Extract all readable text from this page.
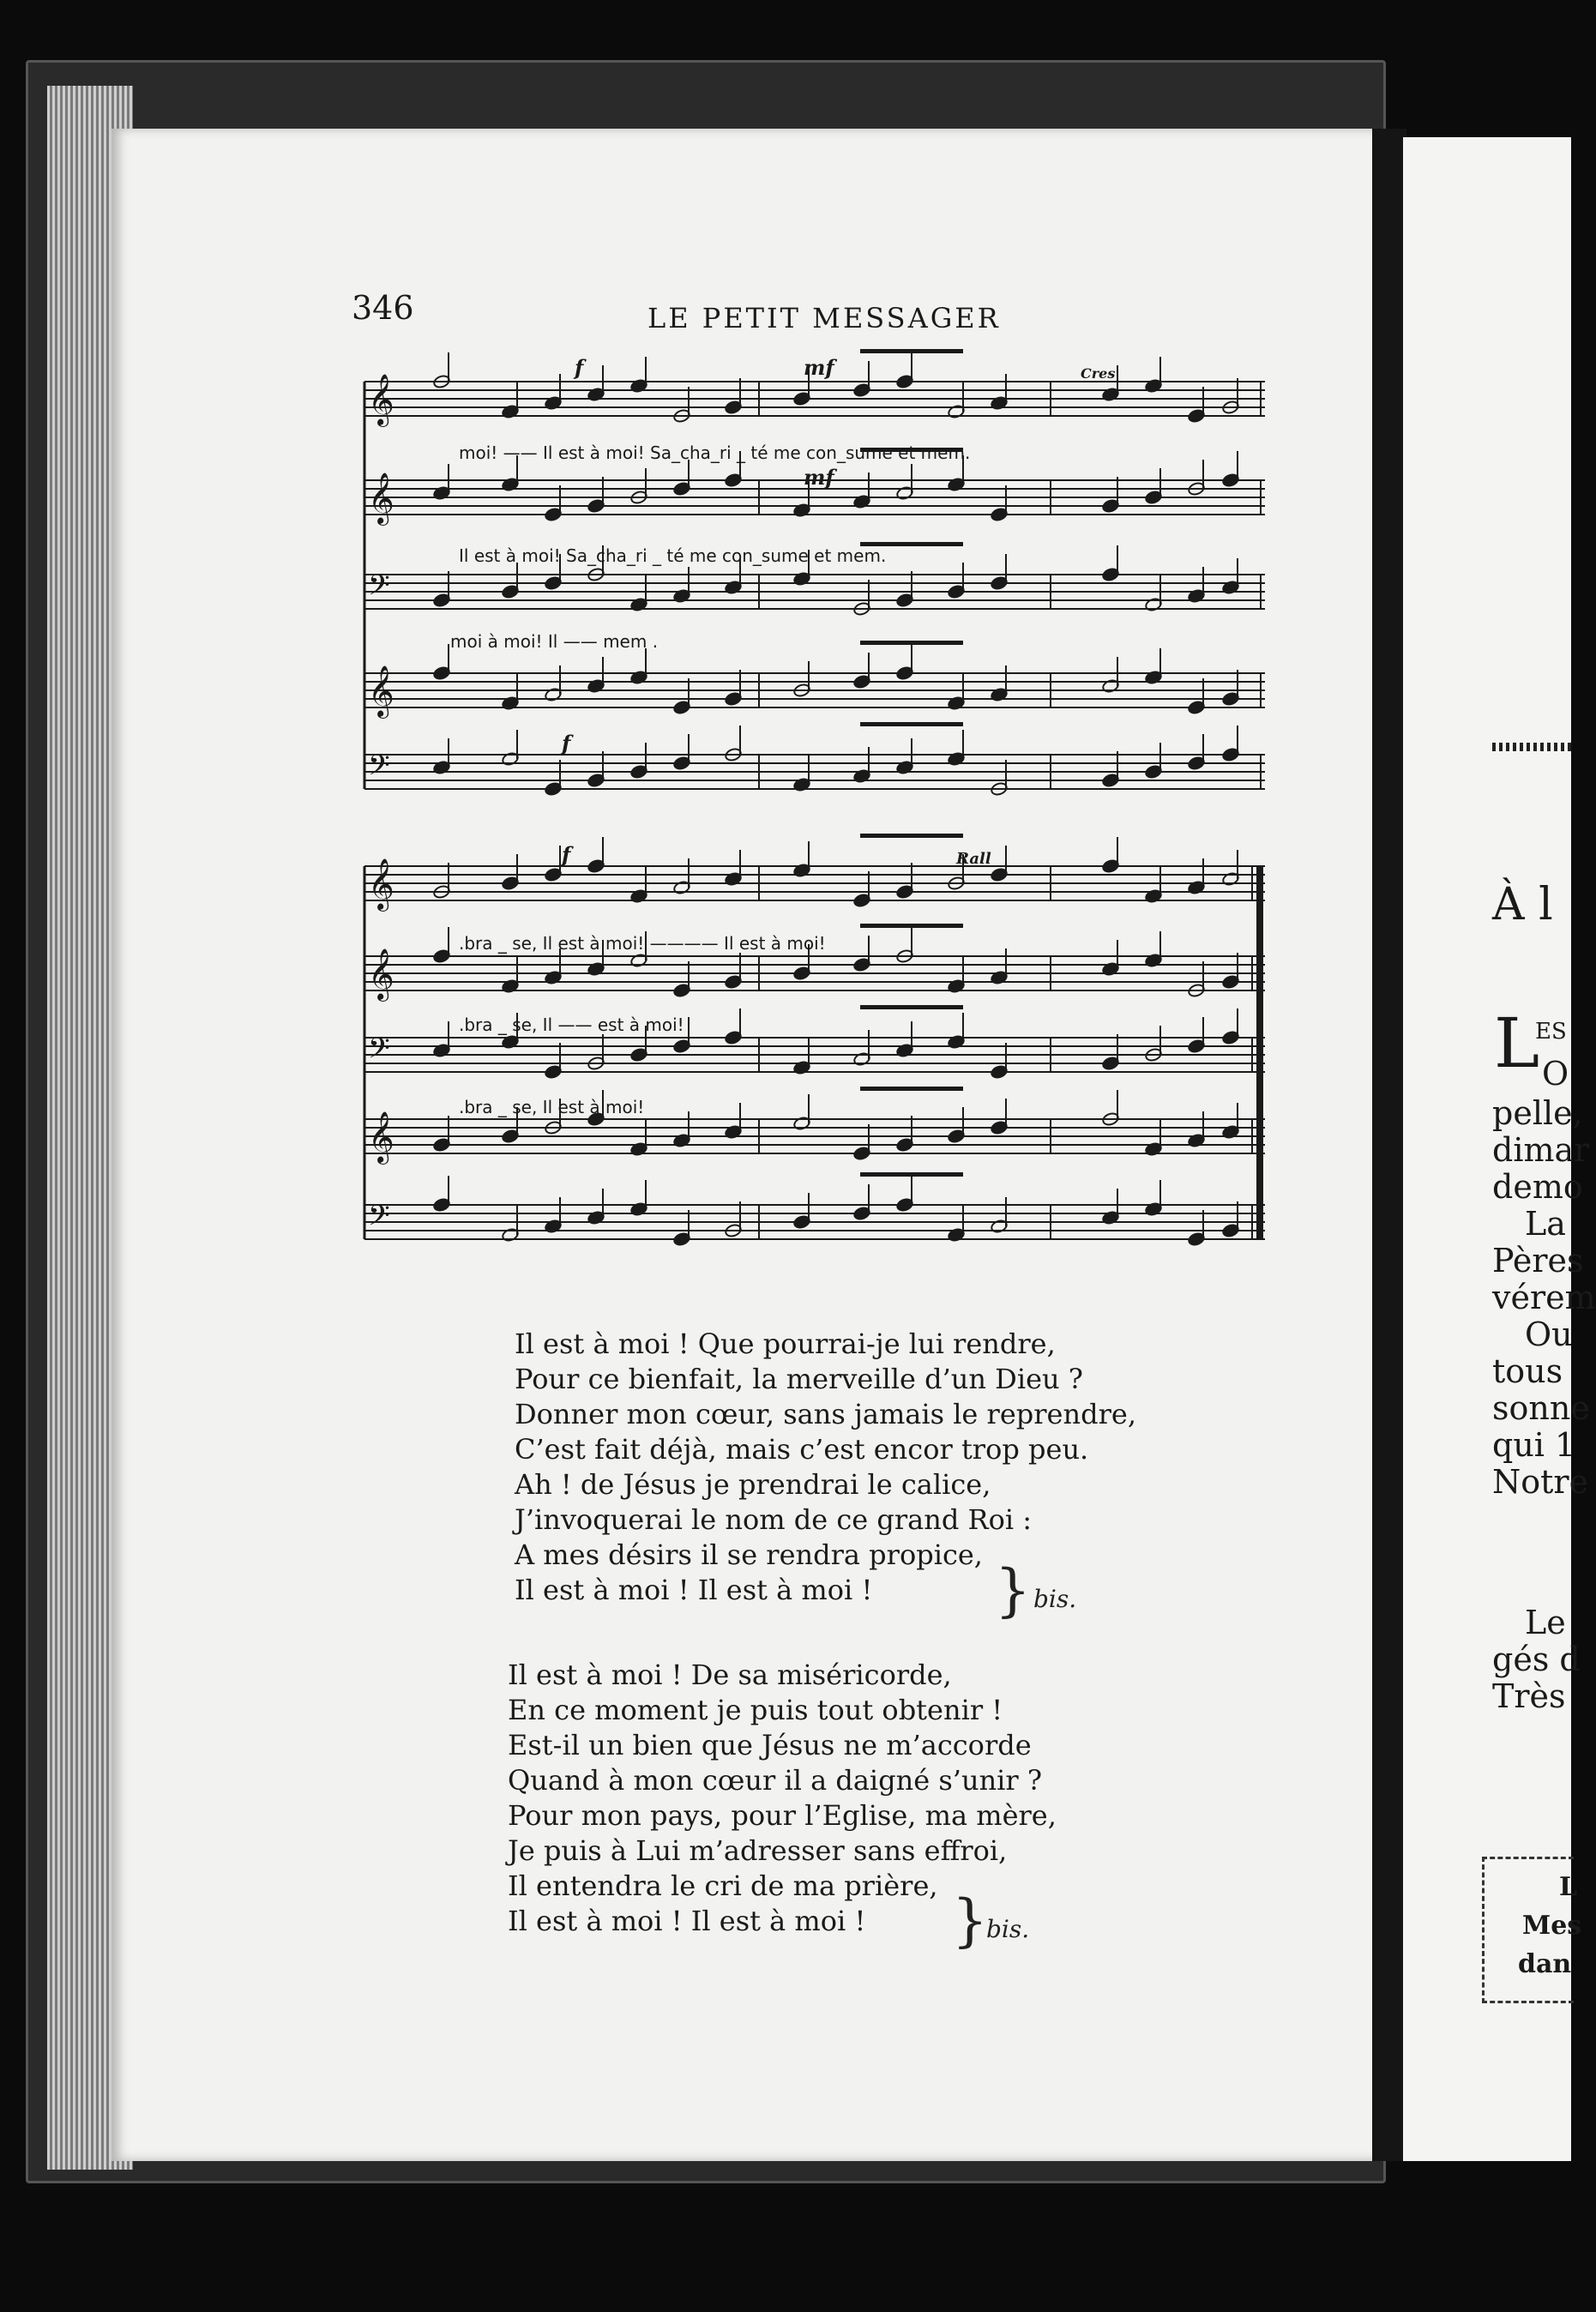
346	LE PETIT MESSAGER
𝄞
𝄞
𝄢
𝄞
𝄢
𝄞
𝄞
𝄢
𝄞
𝄢
moi! —— Il est à moi! Sa_cha_ri _ té me con_sume et mem.
Il est à moi! Sa_cha_ri _ té me con_sume et mem.
moi à moi! Il —— mem .
.bra _ se, Il est à moi! ———— Il est à moi!
.bra _ se, Il —— est à moi!
.bra _ se, Il est à moi!
f	mf
mf
Cres
f
f	Rall
Il est à moi ! Que pourrai-je lui rendre,
Pour ce bienfait, la merveille d’un Dieu ?
Donner mon cœur, sans jamais le reprendre,
C’est fait déjà, mais c’est encor trop peu.
Ah ! de Jésus je prendrai le calice,
J’invoquerai le nom de ce grand Roi :
A mes désirs il se rendra propice,
Il est à moi ! Il est à moi !	} bis.
Il est à moi ! De sa miséricorde,
En ce moment je puis tout obtenir !
Est-il un bien que Jésus ne m’accorde
Quand à mon cœur il a daigné s’unir ?
Pour mon pays, pour l’Eglise, ma mère,
Je puis à Lui m’adresser sans effroi,
Il entendra le cri de ma prière,
Il est à moi ! Il est à moi !	}
bis.
À l
L
ES
O
pelle,
dimar
demo
La
Pères
vérem
Ou
tous
sonne
qui 1
Notre
Le
gés d
Très
L
Mes
dan
